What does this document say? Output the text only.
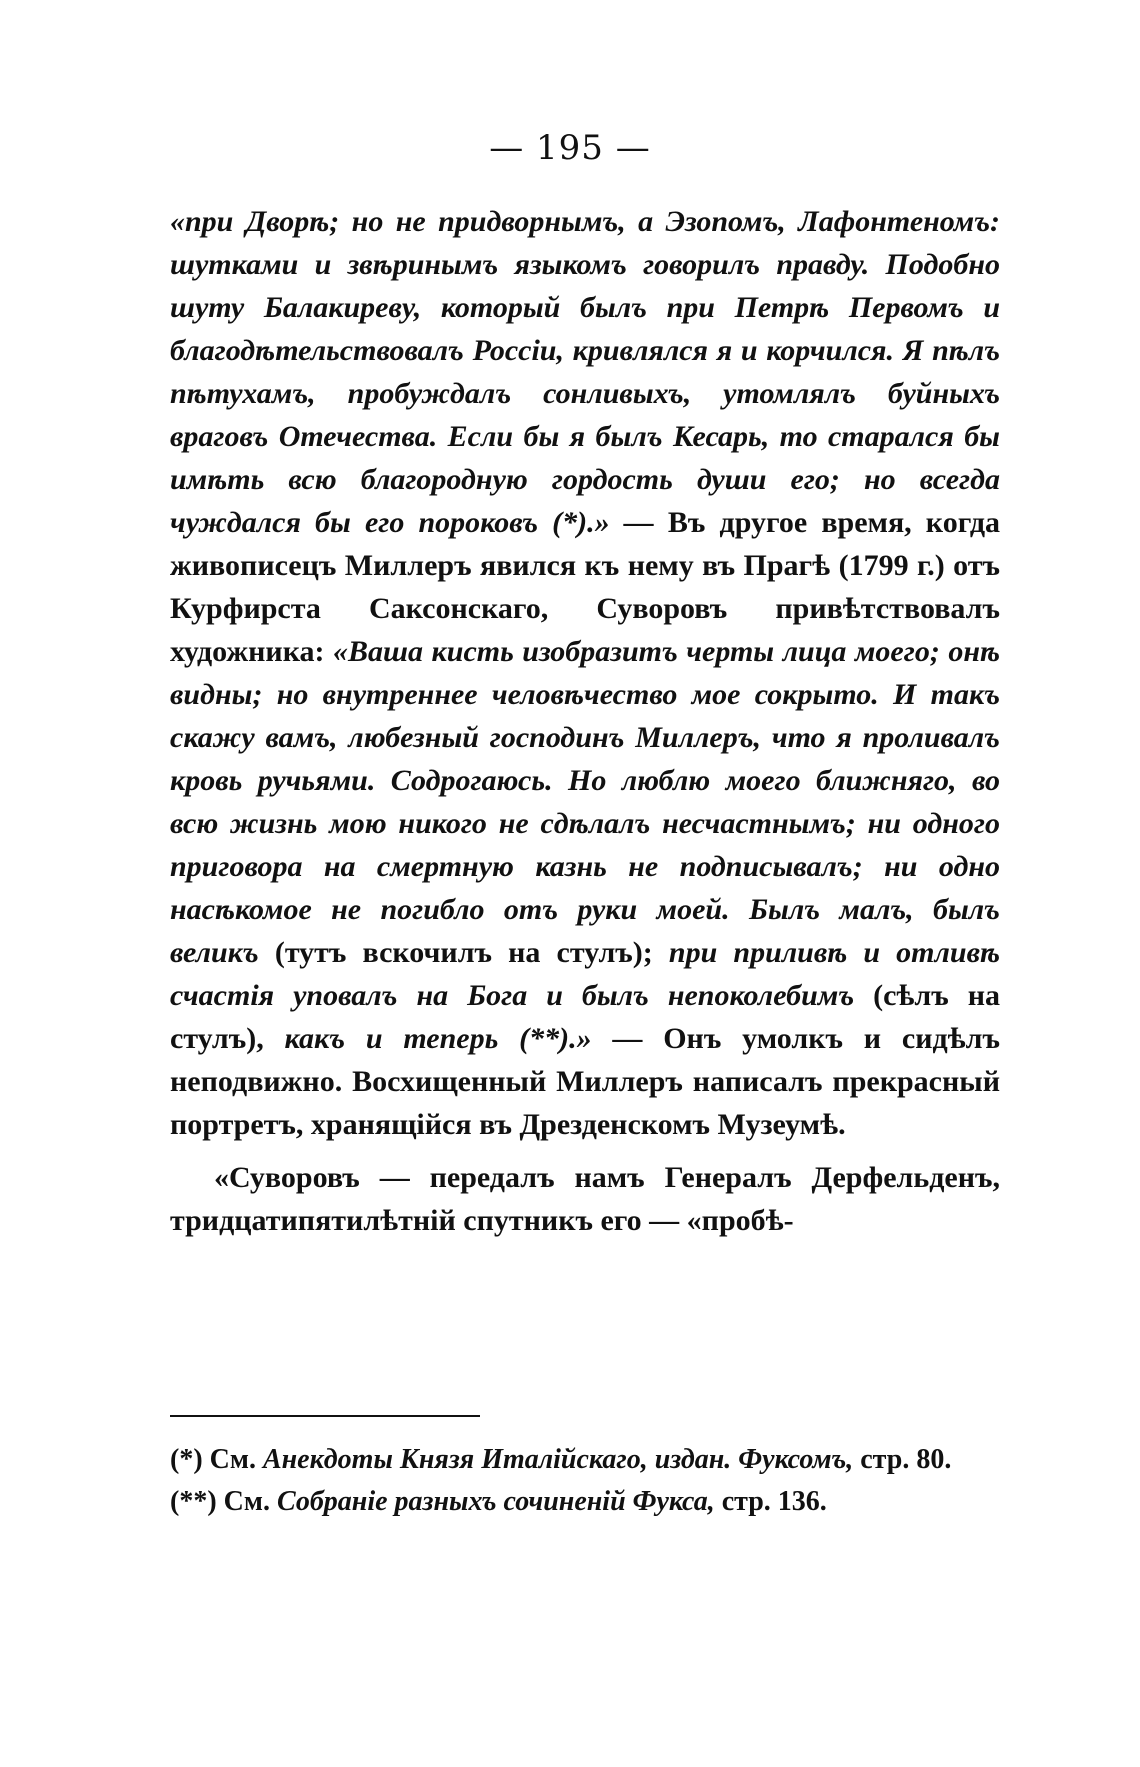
— 195 —

«при Дворѣ; но не придворнымъ, а Эзопомъ, Лафонтеномъ: шутками и звѣринымъ языкомъ говорилъ правду. Подобно шуту Балакиреву, который былъ при Петрѣ Первомъ и благодѣтельствовалъ Россіи, кривлялся я и корчился. Я пѣлъ пѣтухамъ, пробуждалъ сонливыхъ, утомлялъ буйныхъ враговъ Отечества. Если бы я былъ Кесарь, то старался бы имѣть всю благородную гордость души его; но всегда чуждался бы его пороковъ (*).» — Въ другое время, когда живописецъ Миллеръ явился къ нему въ Прагѣ (1799 г.) отъ Курфирста Саксонскаго, Суворовъ привѣтствовалъ художника: «Ваша кисть изобразитъ черты лица моего; онѣ видны; но внутреннее человѣчество мое сокрыто. И такъ скажу вамъ, любезный господинъ Миллеръ, что я проливалъ кровь ручьями. Содрогаюсь. Но люблю моего ближняго, во всю жизнь мою никого не сдѣлалъ несчастнымъ; ни одного приговора на смертную казнь не подписывалъ; ни одно насѣкомое не погибло отъ руки моей. Былъ малъ, былъ великъ (тутъ вскочилъ на стулъ); при приливѣ и отливѣ счастія уповалъ на Бога и былъ непоколебимъ (сѣлъ на стулъ), какъ и теперь (**).» — Онъ умолкъ и сидѣлъ неподвижно. Восхищенный Миллеръ написалъ прекрасный портретъ, хранящійся въ Дрезденскомъ Музеумѣ.

«Суворовъ — передалъ намъ Генералъ Дерфельденъ, тридцатипятилѣтній спутникъ его — «пробѣ-

(*) См. Анекдоты Князя Италійскаго, издан. Фуксомъ, стр. 80.

(**) См. Собраніе разныхъ сочиненій Фукса, стр. 136.
